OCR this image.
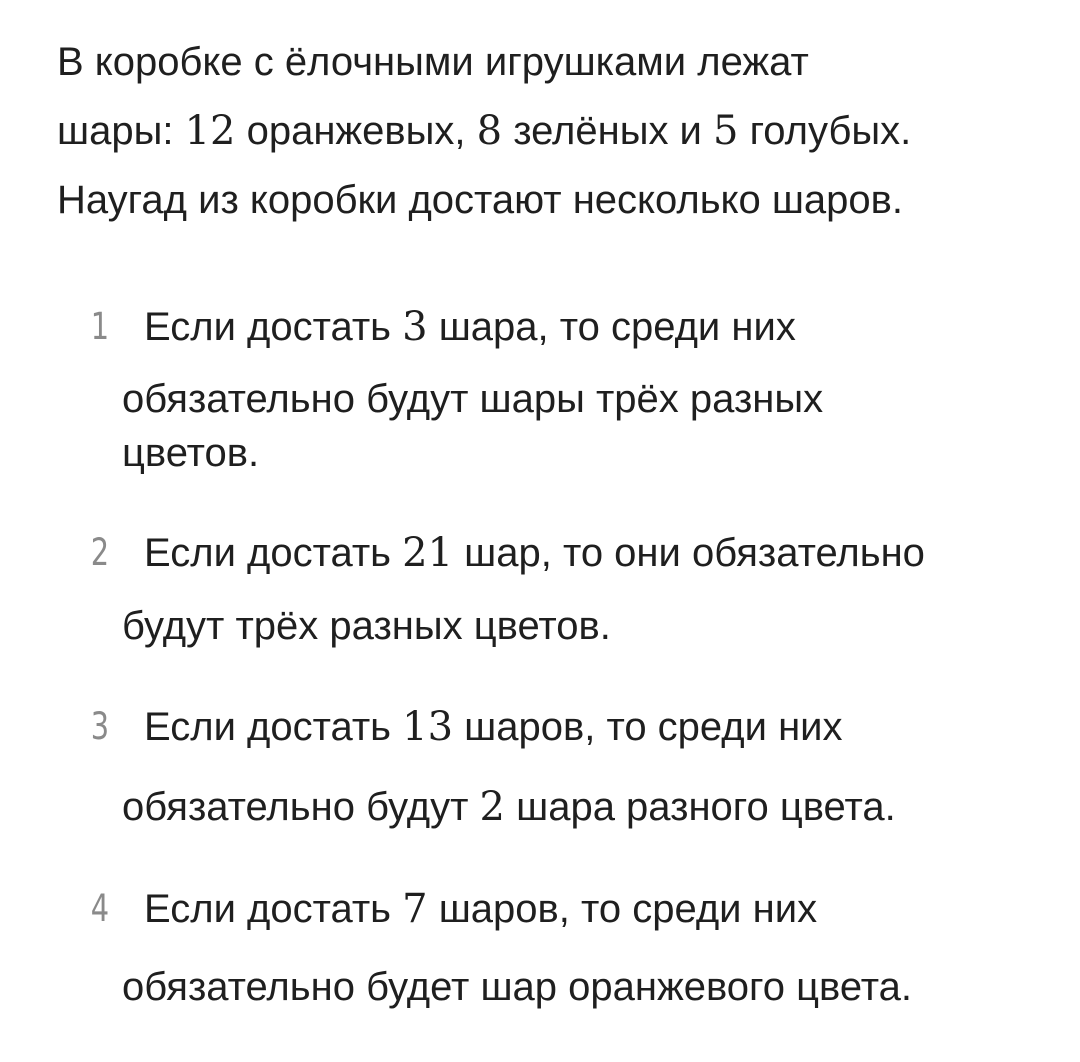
В коробке с ёлочными игрушками лежат
шары: 12 оранжевых, 8 зелёных и 5 голубых.
Наугад из коробки достают несколько шаров.
1 Если достать 3 шара, то среди них
обязательно будут шары трёх разных
цветов.
2 Если достать 21 шар, то они обязательно
будут трёх разных цветов.
3 Если достать 13 шаров, то среди них
обязательно будут 2 шара разного цвета.
4 Если достать 7 шаров, то среди них
обязательно будет шар оранжевого цвета.
